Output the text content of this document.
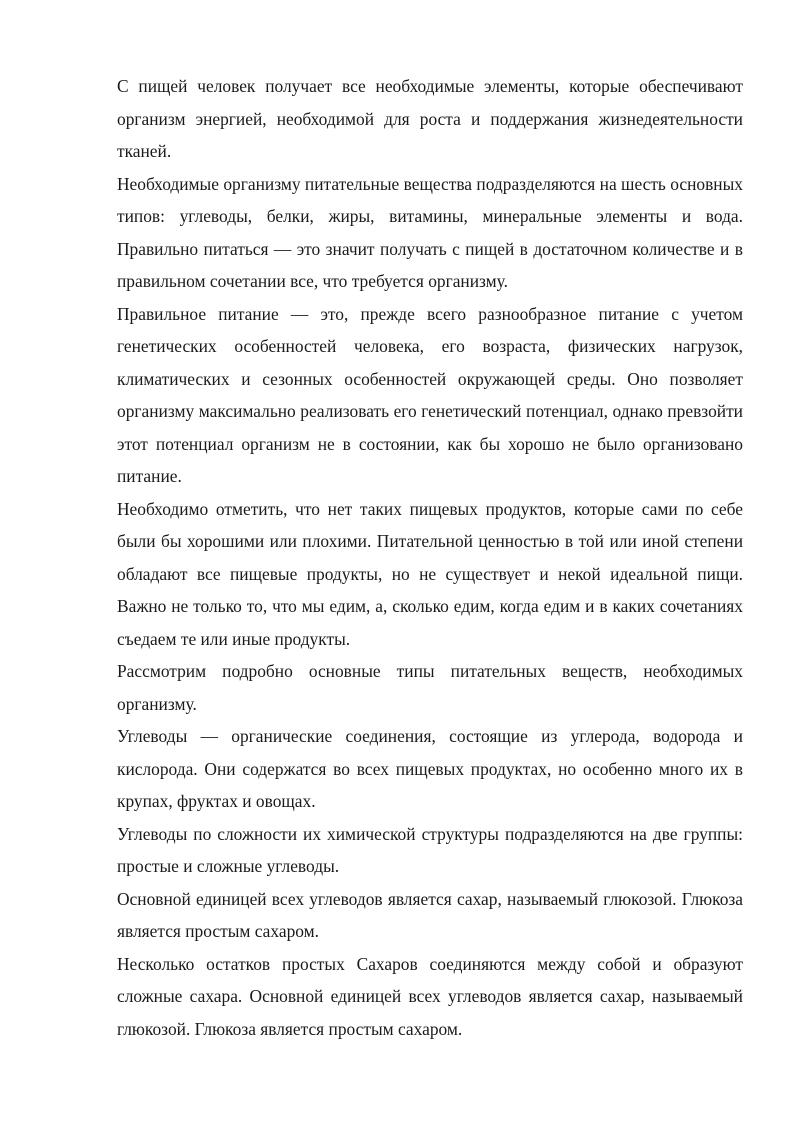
С пищей человек получает все необходимые элементы, которые обеспечивают организм энергией, необходимой для роста и поддержания жизнедеятельности тканей.

Необходимые организму питательные вещества подразделяются на шесть основных типов: углеводы, белки, жиры, витамины, минеральные элементы и вода. Правильно питаться — это значит получать с пищей в достаточном количестве и в правильном сочетании все, что требуется организму.

Правильное питание — это, прежде всего разнообразное питание с учетом генетических особенностей человека, его возраста, физических нагрузок, климатических и сезонных особенностей окружающей среды. Оно позволяет организму максимально реализовать его генетический потенциал, однако превзойти этот потенциал организм не в состоянии, как бы хорошо не было организовано питание.

Необходимо отметить, что нет таких пищевых продуктов, которые сами по себе были бы хорошими или плохими. Питательной ценностью в той или иной степени обладают все пищевые продукты, но не существует и некой идеальной пищи. Важно не только то, что мы едим, а, сколько едим, когда едим и в каких сочетаниях съедаем те или иные продукты.

Рассмотрим подробно основные типы питательных веществ, необходимых организму.

Углеводы — органические соединения, состоящие из углерода, водорода и кислорода. Они содержатся во всех пищевых продуктах, но особенно много их в крупах, фруктах и овощах.

Углеводы по сложности их химической структуры подразделяются на две группы: простые и сложные углеводы.

Основной единицей всех углеводов является сахар, называемый глюкозой. Глюкоза является простым сахаром.

Несколько остатков простых Сахаров соединяются между собой и образуют сложные сахара. Основной единицей всех углеводов является сахар, называемый глюкозой. Глюкоза является простым сахаром.
